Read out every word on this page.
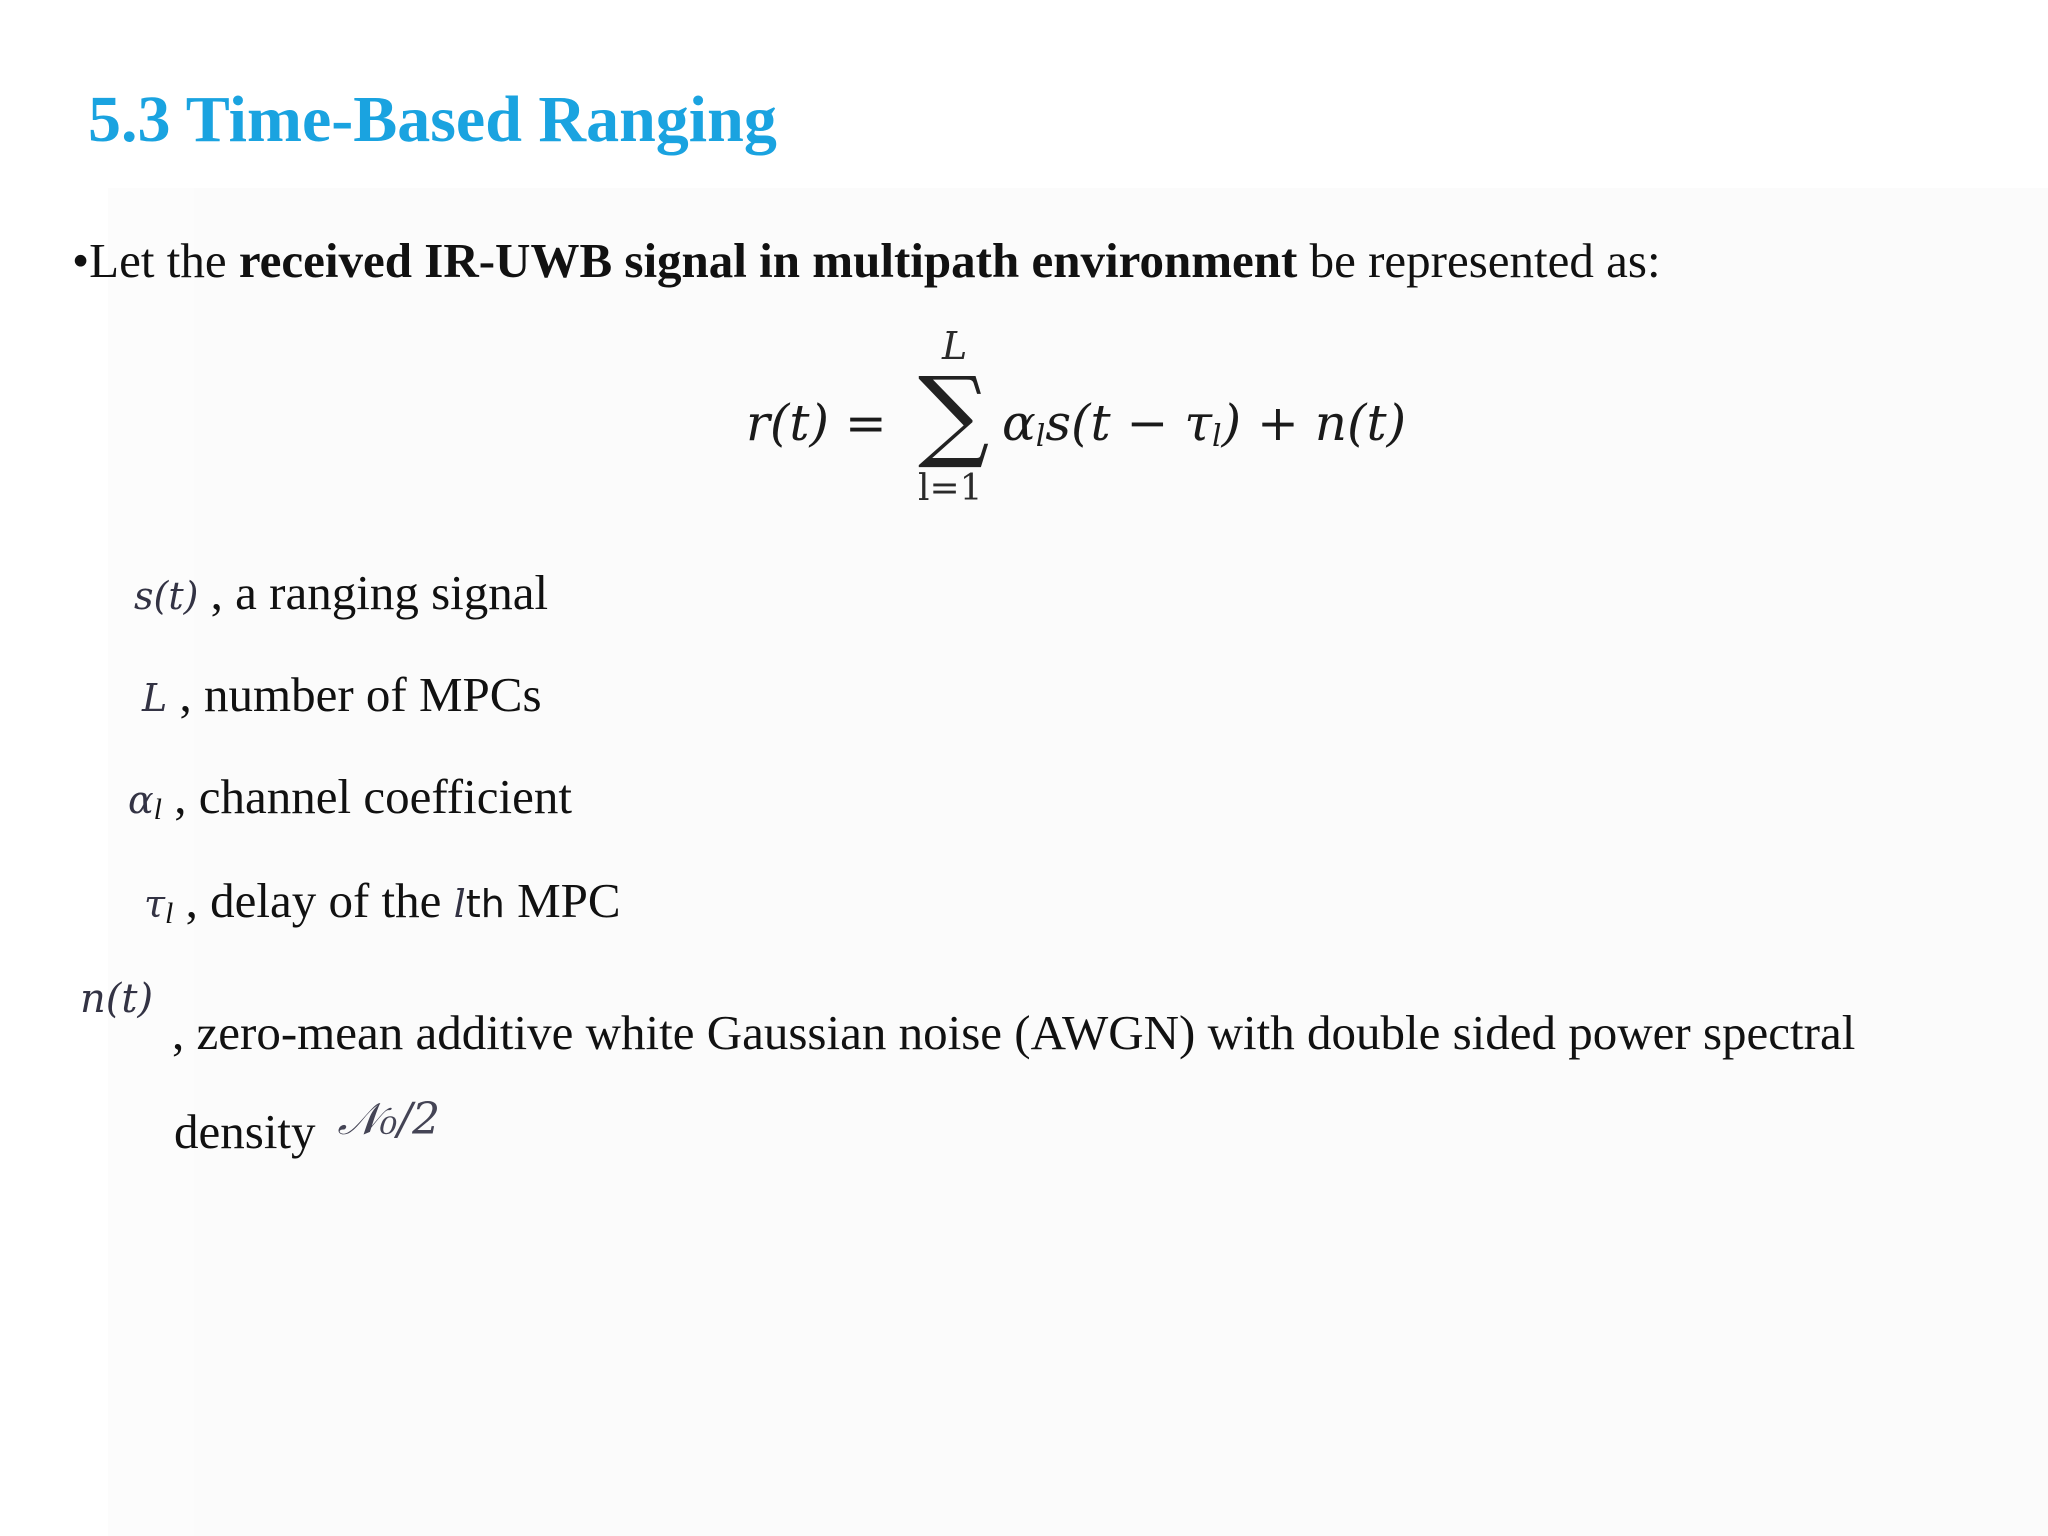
5.3 Time-Based Ranging
•Let the received IR-UWB signal in multipath environment be represented as:
L
∑
l=1
$r(t) = \alpha_ls(t - \tau_l) + n(t)$
s(t) , a ranging signal
L , number of MPCs
$\alpha_l$ , channel coefficient
$\tau_l$ , delay of the lth MPC
n(t)
, zero-mean additive white Gaussian noise (AWGN) with double sided power spectral
density 𝒩₀/2
